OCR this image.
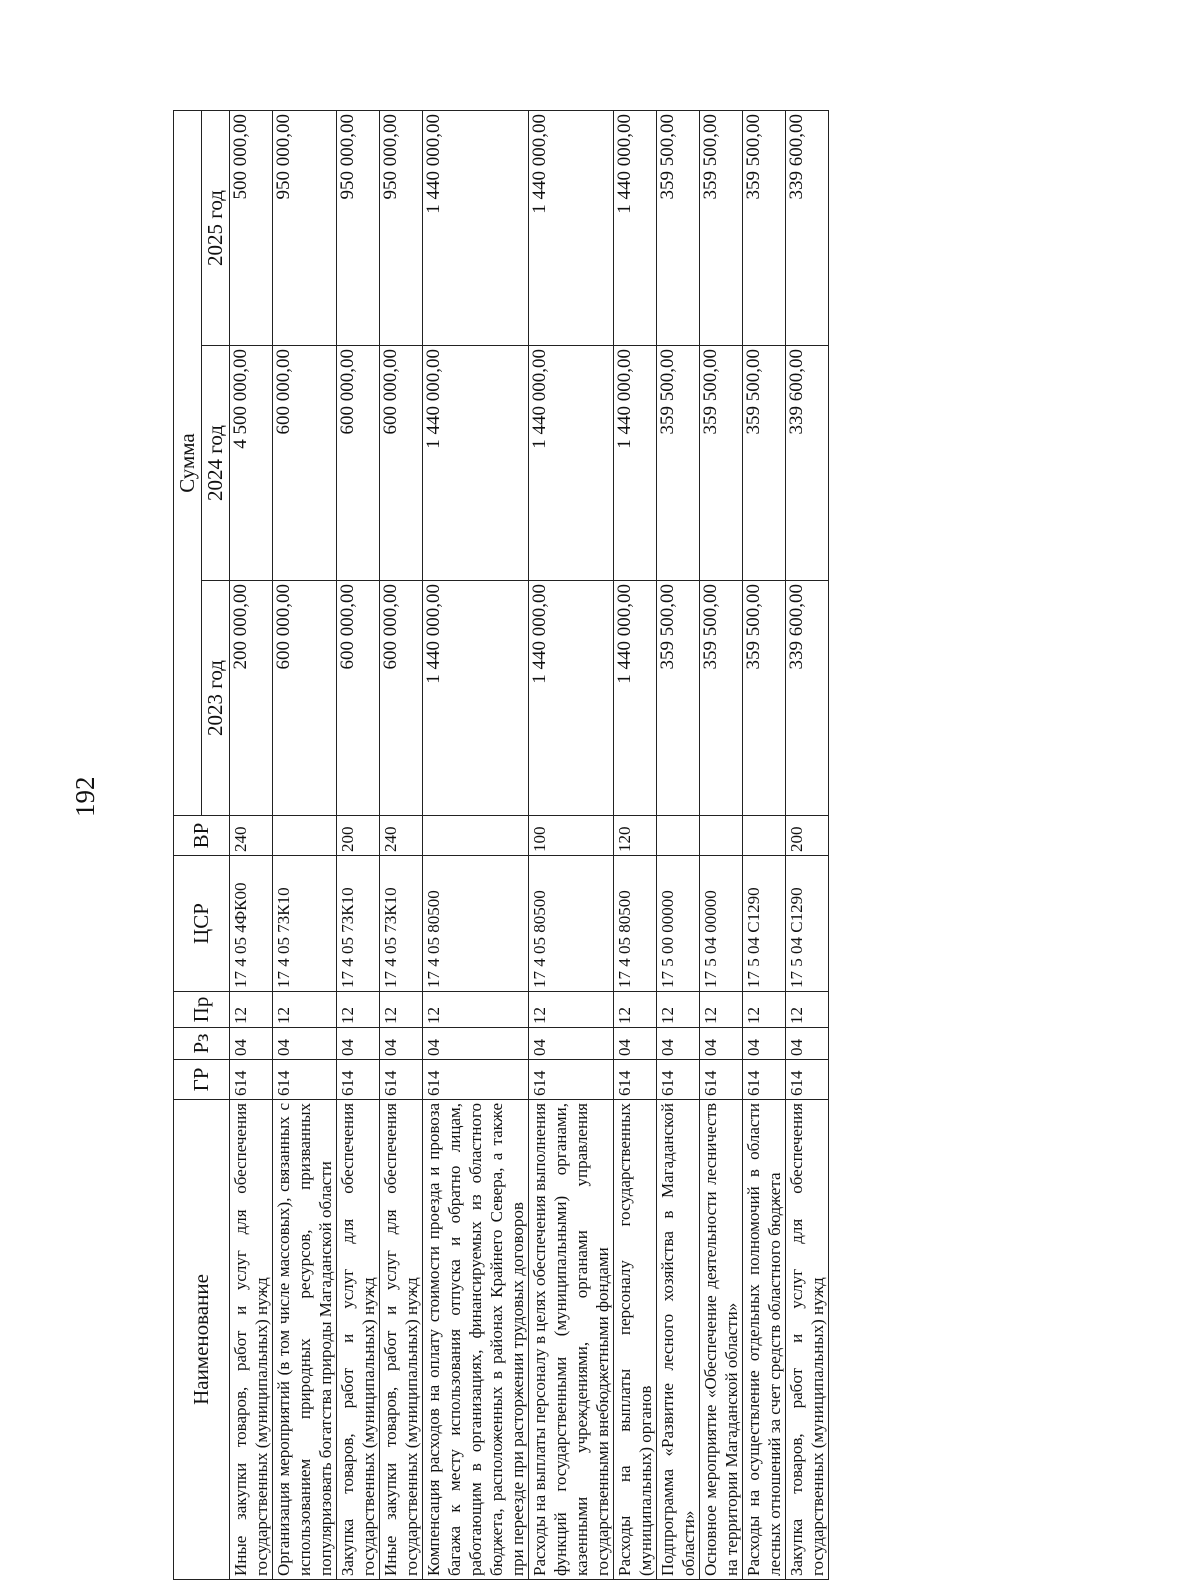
192
Наименование	ГР	Рз	Пр	ЦСР	ВР	Сумма		
						2023 год	2024 год	2025 год
Иные закупки товаров, работ и услуг для обеспечения государственных (муниципальных) нужд	614	04	12	17 4 05 4ФК00	240	200 000,00	4 500 000,00	500 000,00
Организация мероприятий (в том числе массовых), связанных с использованием природных ресурсов, призванных популяризовать богатства природы Магаданской области	614	04	12	17 4 05 73К10		600 000,00	600 000,00	950 000,00
Закупка товаров, работ и услуг для обеспечения государственных (муниципальных) нужд	614	04	12	17 4 05 73К10	200	600 000,00	600 000,00	950 000,00
Иные закупки товаров, работ и услуг для обеспечения государственных (муниципальных) нужд	614	04	12	17 4 05 73К10	240	600 000,00	600 000,00	950 000,00
Компенсация расходов на оплату стоимости проезда и провоза багажа к месту использования отпуска и обратно лицам, работающим в организациях, финансируемых из областного бюджета, расположенных в районах Крайнего Севера, а также при переезде при расторжении трудовых договоров	614	04	12	17 4 05 80500		1 440 000,00	1 440 000,00	1 440 000,00
Расходы на выплаты персоналу в целях обеспечения выполнения функций государственными (муниципальными) органами, казенными учреждениями, органами управления государственными внебюджетными фондами	614	04	12	17 4 05 80500	100	1 440 000,00	1 440 000,00	1 440 000,00
Расходы на выплаты персоналу государственных (муниципальных) органов	614	04	12	17 4 05 80500	120	1 440 000,00	1 440 000,00	1 440 000,00
Подпрограмма «Развитие лесного хозяйства в Магаданской области»	614	04	12	17 5 00 00000		359 500,00	359 500,00	359 500,00
Основное мероприятие «Обеспечение деятельности лесничеств на территории Магаданской области»	614	04	12	17 5 04 00000		359 500,00	359 500,00	359 500,00
Расходы на осуществление отдельных полномочий в области лесных отношений за счет средств областного бюджета	614	04	12	17 5 04 С1290		359 500,00	359 500,00	359 500,00
Закупка товаров, работ и услуг для обеспечения государственных (муниципальных) нужд	614	04	12	17 5 04 С1290	200	339 600,00	339 600,00	339 600,00
